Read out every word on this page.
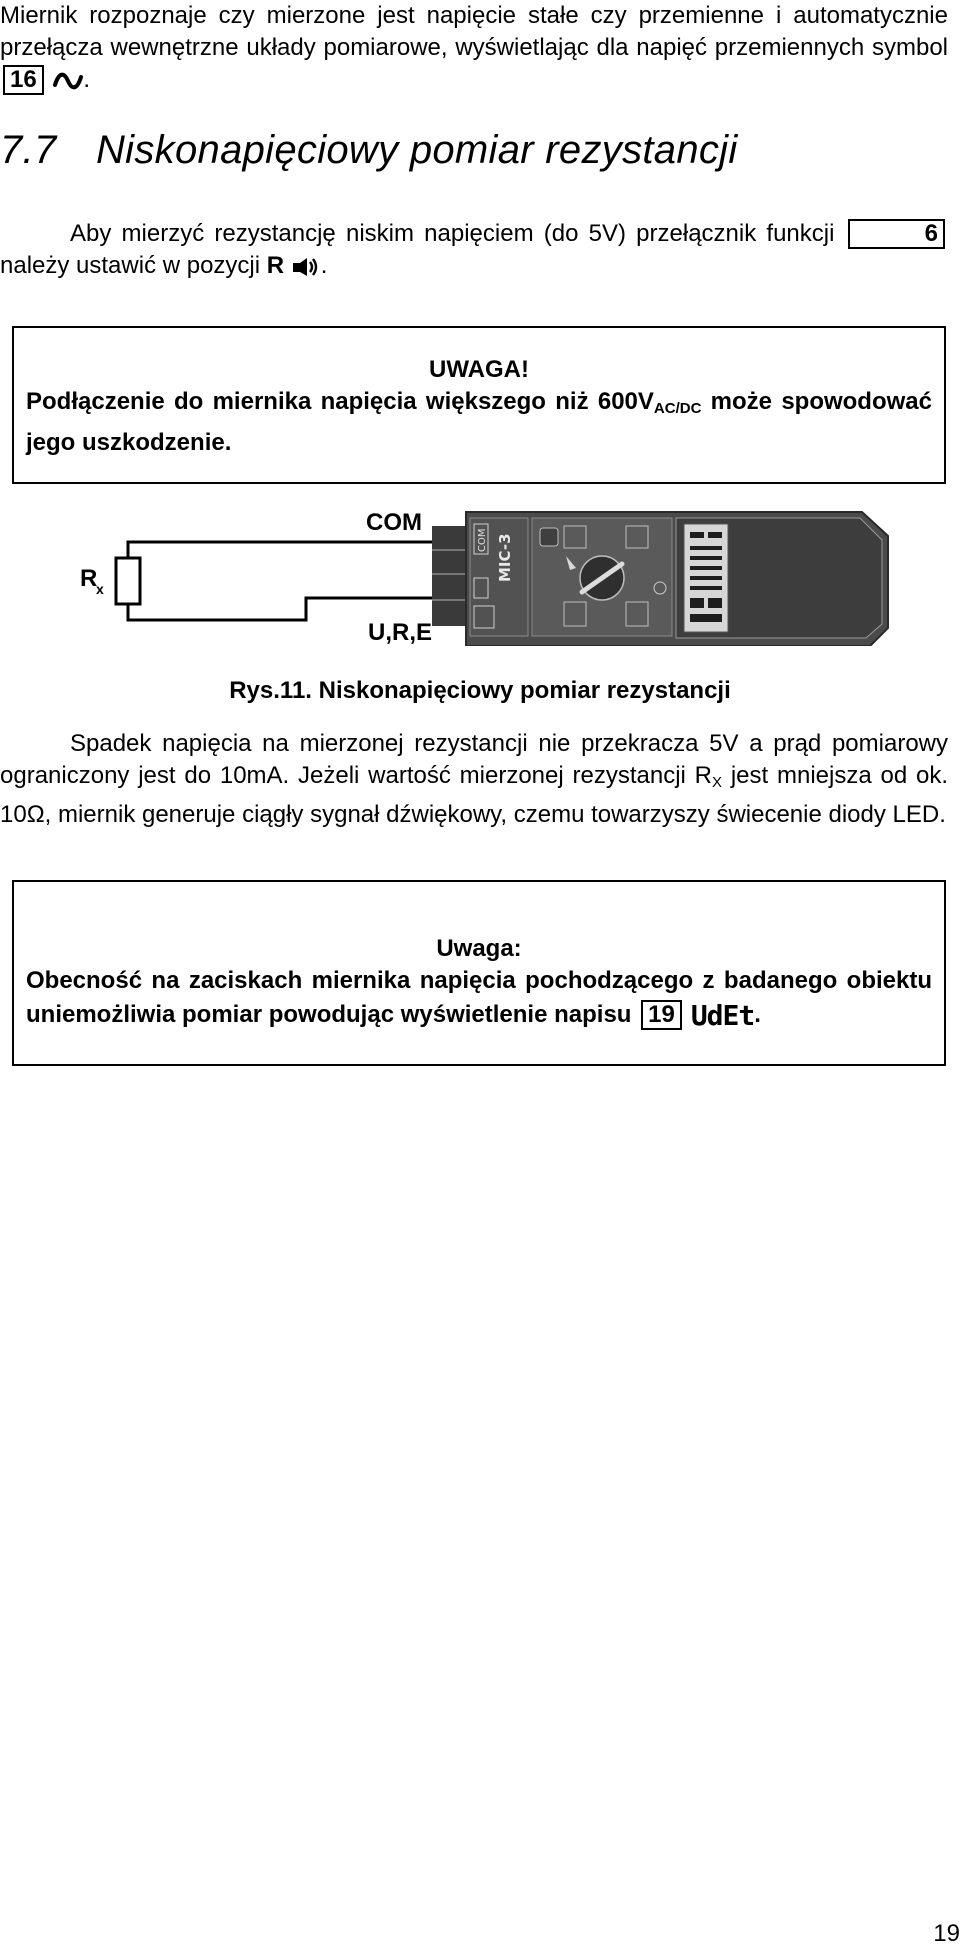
Miernik rozpoznaje czy mierzone jest napięcie stałe czy przemienne i automatycznie przełącza wewnętrzne układy pomiarowe, wyświetlając dla napięć przemiennych symbol 16 .
7.7 Niskonapięciowy pomiar rezystancji
Aby mierzyć rezystancję niskim napięciem (do 5V) przełącznik funkcji	6 należy ustawić w pozycji R .
UWAGA!
Podłączenie do miernika napięcia większego niż $600V_{AC/DC}$ może spowodować jego uszkodzenie.
R
x
COM
U,R,E
COM MIC-3
Rys.11. Niskonapięciowy pomiar rezystancji
Spadek napięcia na mierzonej rezystancji nie przekracza 5V a prąd pomiarowy ograniczony jest do 10mA. Jeżeli wartość mierzonej rezystancji $R_X$ jest mniejsza od ok. 10Ω, miernik generuje ciągły sygnał dźwiękowy, czemu towarzyszy świecenie diody LED.
Uwaga:
Obecność na zaciskach miernika napięcia pochodzącego z badanego obiektu uniemożliwia pomiar powodując wyświetlenie napisu 19 UdEt.
19
